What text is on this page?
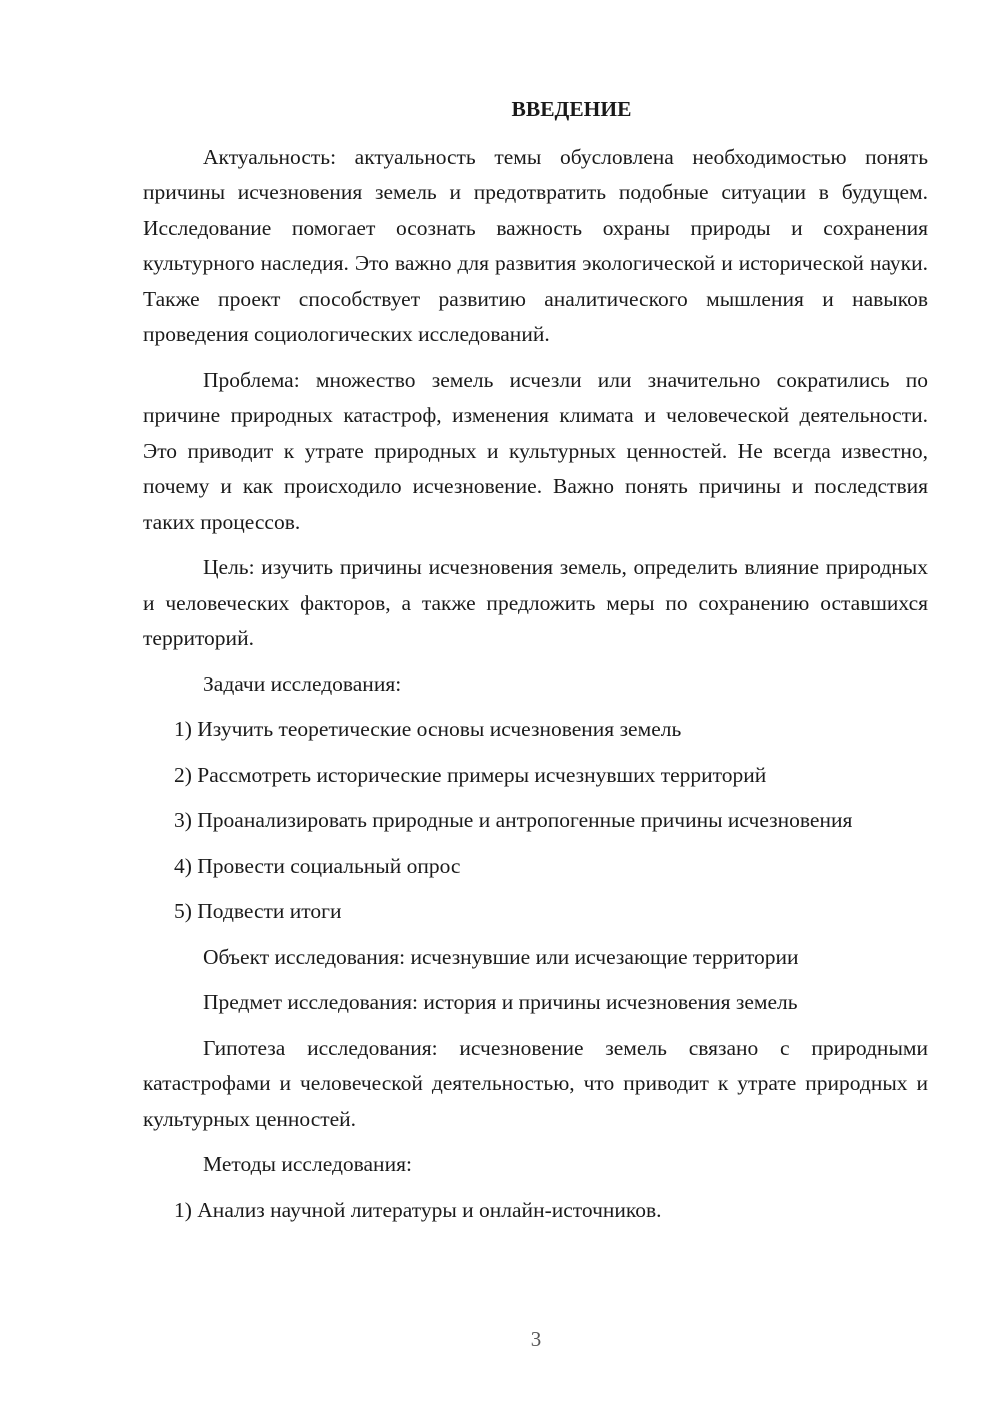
ВВЕДЕНИЕ

Актуальность: актуальность темы обусловлена необходимостью понять причины исчезновения земель и предотвратить подобные ситуации в будущем. Исследование помогает осознать важность охраны природы и сохранения культурного наследия. Это важно для развития экологической и исторической науки. Также проект способствует развитию аналитического мышления и навыков проведения социологических исследований.

Проблема: множество земель исчезли или значительно сократились по причине природных катастроф, изменения климата и человеческой деятельности. Это приводит к утрате природных и культурных ценностей. Не всегда известно, почему и как происходило исчезновение. Важно понять причины и последствия таких процессов.

Цель: изучить причины исчезновения земель, определить влияние природных и человеческих факторов, а также предложить меры по сохранению оставшихся территорий.

Задачи исследования:

1) Изучить теоретические основы исчезновения земель

2) Рассмотреть исторические примеры исчезнувших территорий

3) Проанализировать природные и антропогенные причины исчезновения

4) Провести социальный опрос

5) Подвести итоги

Объект исследования: исчезнувшие или исчезающие территории

Предмет исследования: история и причины исчезновения земель

Гипотеза исследования: исчезновение земель связано с природными катастрофами и человеческой деятельностью, что приводит к утрате природных и культурных ценностей.

Методы исследования:

1) Анализ научной литературы и онлайн-источников.

3
